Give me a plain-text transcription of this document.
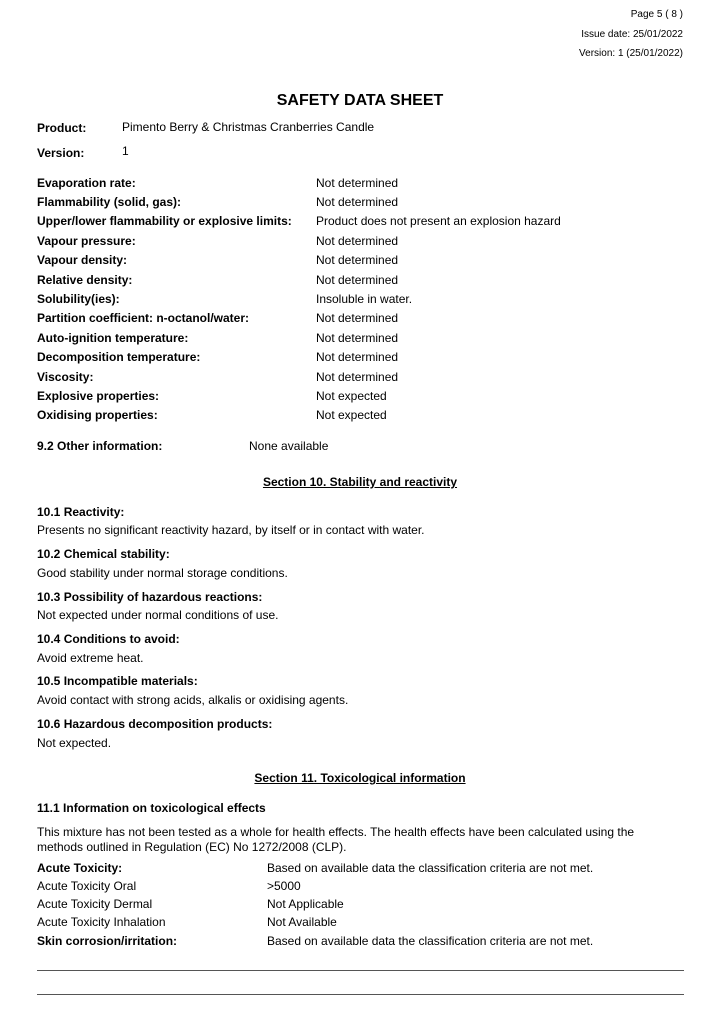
Page 5 ( 8 )
Issue date: 25/01/2022
Version: 1 (25/01/2022)
SAFETY DATA SHEET
Product:	Pimento Berry & Christmas Cranberries Candle
Version:	1
Evaporation rate:	Not determined
Flammability (solid, gas):	Not determined
Upper/lower flammability or explosive limits: Product does not present an explosion hazard
Vapour pressure:	Not determined
Vapour density:	Not determined
Relative density:	Not determined
Solubility(ies):	Insoluble in water.
Partition coefficient: n-octanol/water:	Not determined
Auto-ignition temperature:	Not determined
Decomposition temperature:	Not determined
Viscosity:	Not determined
Explosive properties:	Not expected
Oxidising properties:	Not expected
9.2 Other information:	None available
Section 10. Stability and reactivity
10.1 Reactivity:
Presents no significant reactivity hazard, by itself or in contact with water.
10.2 Chemical stability:
Good stability under normal storage conditions.
10.3 Possibility of hazardous reactions:
Not expected under normal conditions of use.
10.4 Conditions to avoid:
Avoid extreme heat.
10.5 Incompatible materials:
Avoid contact with strong acids, alkalis or oxidising agents.
10.6 Hazardous decomposition products:
Not expected.
Section 11. Toxicological information
11.1 Information on toxicological effects
This mixture has not been tested as a whole for health effects. The health effects have been calculated using the methods outlined in Regulation (EC) No 1272/2008 (CLP).
Acute Toxicity:	Based on available data the classification criteria are not met.
Acute Toxicity Oral	>5000
Acute Toxicity Dermal	Not Applicable
Acute Toxicity Inhalation	Not Available
Skin corrosion/irritation:	Based on available data the classification criteria are not met.
